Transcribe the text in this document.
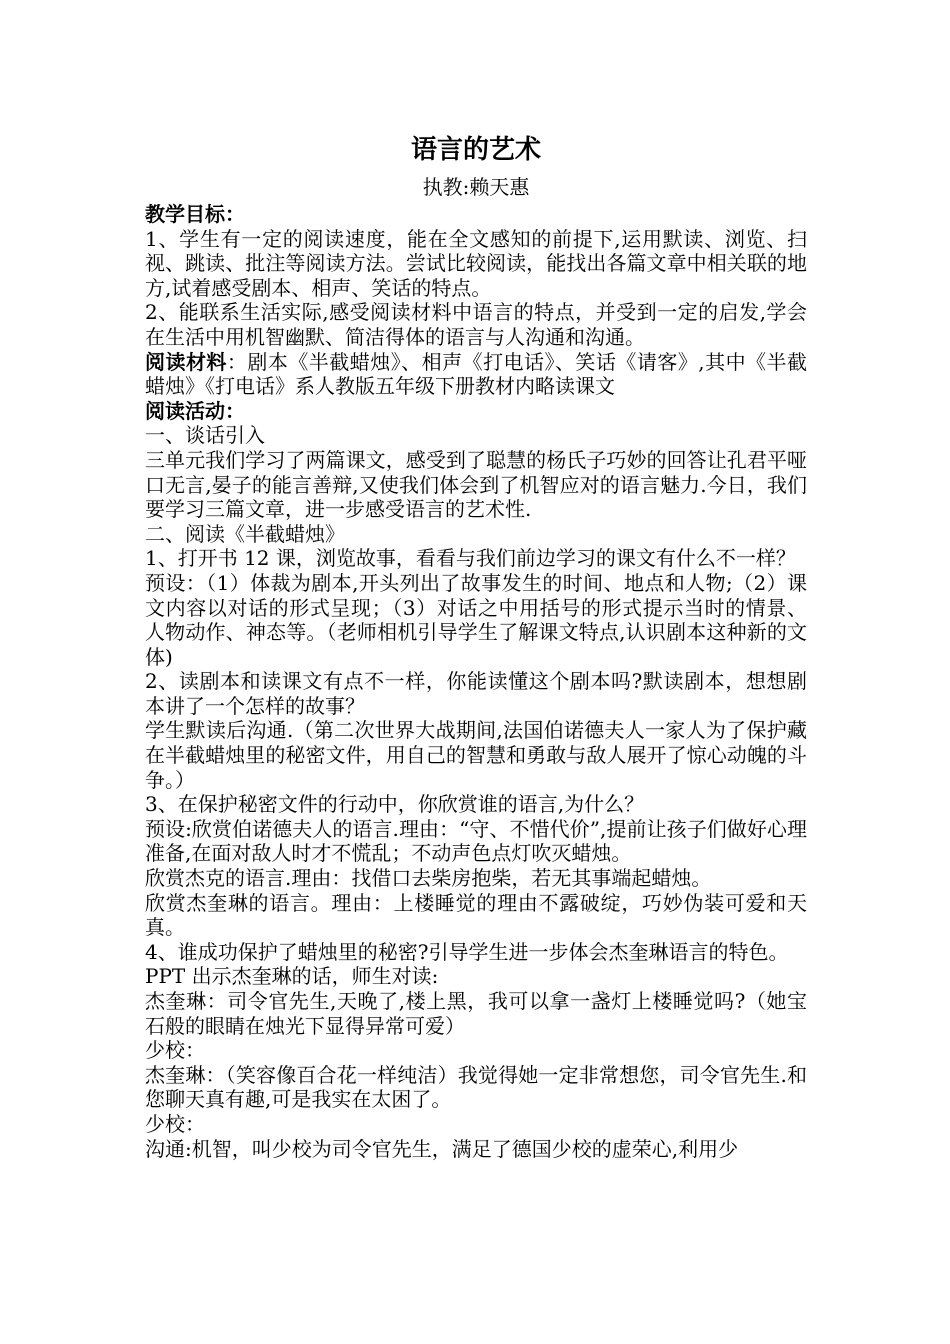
语言的艺术
执教:赖天惠

教学目标：

1、学生有一定的阅读速度，能在全文感知的前提下,运用默读、浏览、扫视、跳读、批注等阅读方法。尝试比较阅读，能找出各篇文章中相关联的地方,试着感受剧本、相声、笑话的特点。

2、能联系生活实际,感受阅读材料中语言的特点，并受到一定的启发,学会在生活中用机智幽默、简洁得体的语言与人沟通和沟通。

阅读材料：剧本《半截蜡烛》、相声《打电话》、笑话《请客》,其中《半截蜡烛》《打电话》系人教版五年级下册教材内略读课文

阅读活动：

一、谈话引入

三单元我们学习了两篇课文，感受到了聪慧的杨氏子巧妙的回答让孔君平哑口无言,晏子的能言善辩,又使我们体会到了机智应对的语言魅力.今日，我们要学习三篇文章，进一步感受语言的艺术性.

二、阅读《半截蜡烛》

1、打开书 12 课，浏览故事，看看与我们前边学习的课文有什么不一样？

预设：（1）体裁为剧本,开头列出了故事发生的时间、地点和人物;（2）课文内容以对话的形式呈现；（3）对话之中用括号的形式提示当时的情景、人物动作、神态等。（老师相机引导学生了解课文特点,认识剧本这种新的文体)

2、读剧本和读课文有点不一样，你能读懂这个剧本吗?默读剧本，想想剧本讲了一个怎样的故事？

学生默读后沟通.（第二次世界大战期间,法国伯诺德夫人一家人为了保护藏在半截蜡烛里的秘密文件，用自己的智慧和勇敢与敌人展开了惊心动魄的斗争。）

3、在保护秘密文件的行动中，你欣赏谁的语言,为什么？

预设:欣赏伯诺德夫人的语言.理由：“守、不惜代价”,提前让孩子们做好心理准备,在面对敌人时才不慌乱；不动声色点灯吹灭蜡烛。

欣赏杰克的语言.理由：找借口去柴房抱柴，若无其事端起蜡烛。

欣赏杰奎琳的语言。理由：上楼睡觉的理由不露破绽，巧妙伪装可爱和天真。

4、谁成功保护了蜡烛里的秘密?引导学生进一步体会杰奎琳语言的特色。

PPT 出示杰奎琳的话，师生对读:

杰奎琳：司令官先生,天晚了,楼上黑，我可以拿一盏灯上楼睡觉吗?（她宝石般的眼睛在烛光下显得异常可爱）

少校：

杰奎琳：（笑容像百合花一样纯洁）我觉得她一定非常想您，司令官先生.和您聊天真有趣,可是我实在太困了。

少校：

沟通:机智，叫少校为司令官先生，满足了德国少校的虚荣心,利用少
